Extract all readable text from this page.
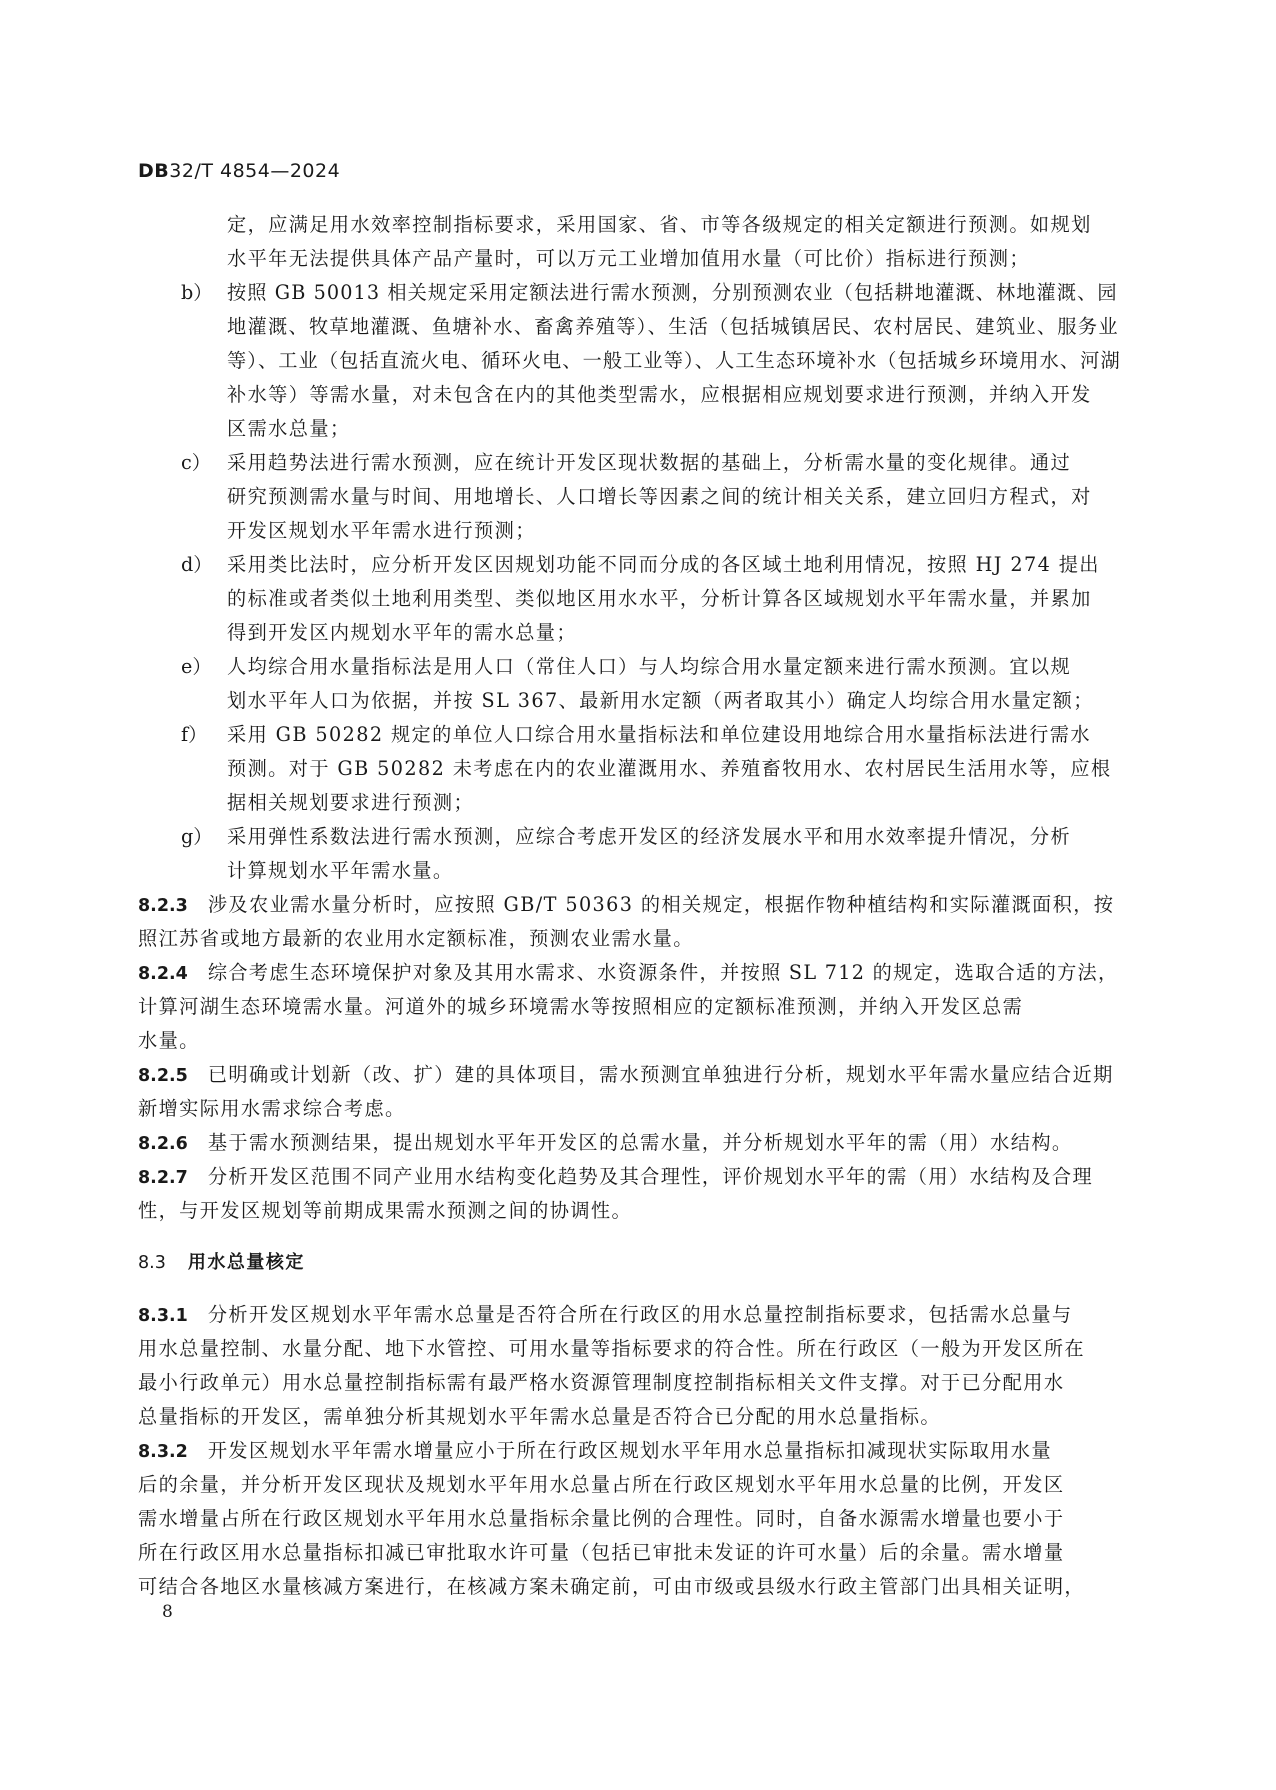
DB32/T 4854—2024
定，应满足用水效率控制指标要求，采用国家、省、市等各级规定的相关定额进行预测。如规划
水平年无法提供具体产品产量时，可以万元工业增加值用水量（可比价）指标进行预测；
b） 按照 GB 50013 相关规定采用定额法进行需水预测，分别预测农业（包括耕地灌溉、林地灌溉、园
地灌溉、牧草地灌溉、鱼塘补水、畜禽养殖等）、生活（包括城镇居民、农村居民、建筑业、服务业
等）、工业（包括直流火电、循环火电、一般工业等）、人工生态环境补水（包括城乡环境用水、河湖
补水等）等需水量，对未包含在内的其他类型需水，应根据相应规划要求进行预测，并纳入开发
区需水总量；
c） 采用趋势法进行需水预测，应在统计开发区现状数据的基础上，分析需水量的变化规律。通过
研究预测需水量与时间、用地增长、人口增长等因素之间的统计相关关系，建立回归方程式，对
开发区规划水平年需水进行预测；
d） 采用类比法时，应分析开发区因规划功能不同而分成的各区域土地利用情况，按照 HJ 274 提出
的标准或者类似土地利用类型、类似地区用水水平，分析计算各区域规划水平年需水量，并累加
得到开发区内规划水平年的需水总量；
e） 人均综合用水量指标法是用人口（常住人口）与人均综合用水量定额来进行需水预测。宜以规
划水平年人口为依据，并按 SL 367、最新用水定额（两者取其小）确定人均综合用水量定额；
f） 采用 GB 50282 规定的单位人口综合用水量指标法和单位建设用地综合用水量指标法进行需水
预测。对于 GB 50282 未考虑在内的农业灌溉用水、养殖畜牧用水、农村居民生活用水等，应根
据相关规划要求进行预测；
g） 采用弹性系数法进行需水预测，应综合考虑开发区的经济发展水平和用水效率提升情况，分析
计算规划水平年需水量。
8.2.3 涉及农业需水量分析时，应按照 GB/T 50363 的相关规定，根据作物种植结构和实际灌溉面积，按
照江苏省或地方最新的农业用水定额标准，预测农业需水量。
8.2.4 综合考虑生态环境保护对象及其用水需求、水资源条件，并按照 SL 712 的规定，选取合适的方法，
计算河湖生态环境需水量。河道外的城乡环境需水等按照相应的定额标准预测，并纳入开发区总需
水量。
8.2.5 已明确或计划新（改、扩）建的具体项目，需水预测宜单独进行分析，规划水平年需水量应结合近期
新增实际用水需求综合考虑。
8.2.6 基于需水预测结果，提出规划水平年开发区的总需水量，并分析规划水平年的需（用）水结构。
8.2.7 分析开发区范围不同产业用水结构变化趋势及其合理性，评价规划水平年的需（用）水结构及合理
性，与开发区规划等前期成果需水预测之间的协调性。
8.3 用水总量核定
8.3.1 分析开发区规划水平年需水总量是否符合所在行政区的用水总量控制指标要求，包括需水总量与
用水总量控制、水量分配、地下水管控、可用水量等指标要求的符合性。所在行政区（一般为开发区所在
最小行政单元）用水总量控制指标需有最严格水资源管理制度控制指标相关文件支撑。对于已分配用水
总量指标的开发区，需单独分析其规划水平年需水总量是否符合已分配的用水总量指标。
8.3.2 开发区规划水平年需水增量应小于所在行政区规划水平年用水总量指标扣减现状实际取用水量
后的余量，并分析开发区现状及规划水平年用水总量占所在行政区规划水平年用水总量的比例，开发区
需水增量占所在行政区规划水平年用水总量指标余量比例的合理性。同时，自备水源需水增量也要小于
所在行政区用水总量指标扣减已审批取水许可量（包括已审批未发证的许可水量）后的余量。需水增量
可结合各地区水量核减方案进行，在核减方案未确定前，可由市级或县级水行政主管部门出具相关证明，
8
